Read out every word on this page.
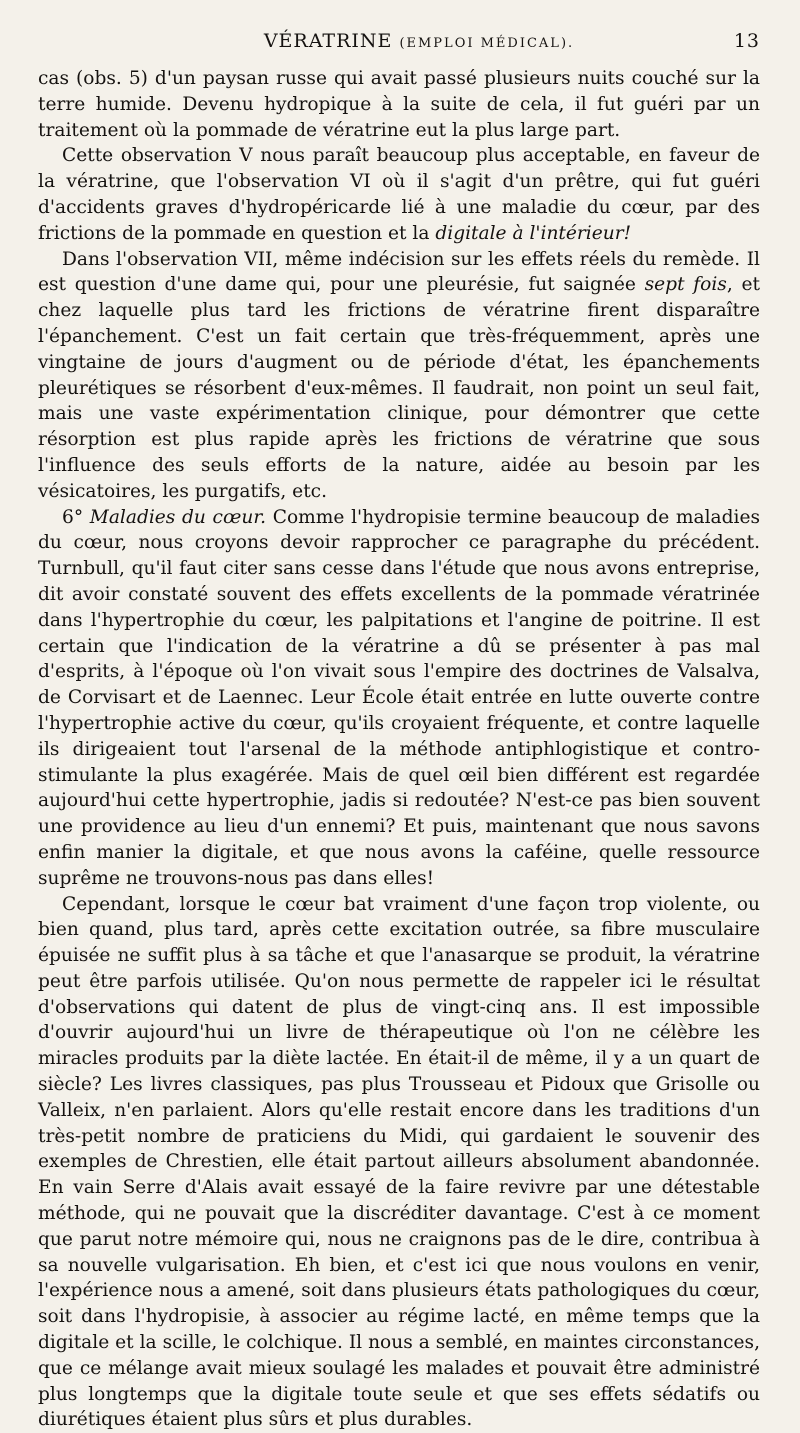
VÉRATRINE (EMPLOI MÉDICAL).	13

cas (obs. 5) d'un paysan russe qui avait passé plusieurs nuits couché sur la terre humide. Devenu hydropique à la suite de cela, il fut guéri par un traitement où la pommade de vératrine eut la plus large part.

Cette observation V nous paraît beaucoup plus acceptable, en faveur de la vératrine, que l'observation VI où il s'agit d'un prêtre, qui fut guéri d'accidents graves d'hydropéricarde lié à une maladie du cœur, par des frictions de la pommade en question et la digitale à l'intérieur!

Dans l'observation VII, même indécision sur les effets réels du remède. Il est question d'une dame qui, pour une pleurésie, fut saignée sept fois, et chez laquelle plus tard les frictions de vératrine firent disparaître l'épanchement. C'est un fait certain que très-fréquemment, après une vingtaine de jours d'augment ou de période d'état, les épanchements pleurétiques se résorbent d'eux-mêmes. Il faudrait, non point un seul fait, mais une vaste expérimentation clinique, pour démontrer que cette résorption est plus rapide après les frictions de vératrine que sous l'influence des seuls efforts de la nature, aidée au besoin par les vésicatoires, les purgatifs, etc.

6° Maladies du cœur. Comme l'hydropisie termine beaucoup de maladies du cœur, nous croyons devoir rapprocher ce paragraphe du précédent. Turnbull, qu'il faut citer sans cesse dans l'étude que nous avons entreprise, dit avoir constaté souvent des effets excellents de la pommade vératrinée dans l'hypertrophie du cœur, les palpitations et l'angine de poitrine. Il est certain que l'indication de la vératrine a dû se présenter à pas mal d'esprits, à l'époque où l'on vivait sous l'empire des doctrines de Valsalva, de Corvisart et de Laennec. Leur École était entrée en lutte ouverte contre l'hypertrophie active du cœur, qu'ils croyaient fréquente, et contre laquelle ils dirigeaient tout l'arsenal de la méthode antiphlogistique et contro-stimulante la plus exagérée. Mais de quel œil bien différent est regardée aujourd'hui cette hypertrophie, jadis si redoutée? N'est-ce pas bien souvent une providence au lieu d'un ennemi? Et puis, maintenant que nous savons enfin manier la digitale, et que nous avons la caféine, quelle ressource suprême ne trouvons-nous pas dans elles!

Cependant, lorsque le cœur bat vraiment d'une façon trop violente, ou bien quand, plus tard, après cette excitation outrée, sa fibre musculaire épuisée ne suffit plus à sa tâche et que l'anasarque se produit, la vératrine peut être parfois utilisée. Qu'on nous permette de rappeler ici le résultat d'observations qui datent de plus de vingt-cinq ans. Il est impossible d'ouvrir aujourd'hui un livre de thérapeutique où l'on ne célèbre les miracles produits par la diète lactée. En était-il de même, il y a un quart de siècle? Les livres classiques, pas plus Trousseau et Pidoux que Grisolle ou Valleix, n'en parlaient. Alors qu'elle restait encore dans les traditions d'un très-petit nombre de praticiens du Midi, qui gardaient le souvenir des exemples de Chrestien, elle était partout ailleurs absolument abandonnée. En vain Serre d'Alais avait essayé de la faire revivre par une détestable méthode, qui ne pouvait que la discréditer davantage. C'est à ce moment que parut notre mémoire qui, nous ne craignons pas de le dire, contribua à sa nouvelle vulgarisation. Eh bien, et c'est ici que nous voulons en venir, l'expérience nous a amené, soit dans plusieurs états pathologiques du cœur, soit dans l'hydropisie, à associer au régime lacté, en même temps que la digitale et la scille, le colchique. Il nous a semblé, en maintes circonstances, que ce mélange avait mieux soulagé les malades et pouvait être administré plus longtemps que la digitale toute seule et que ses effets sédatifs ou diurétiques étaient plus sûrs et plus durables.
